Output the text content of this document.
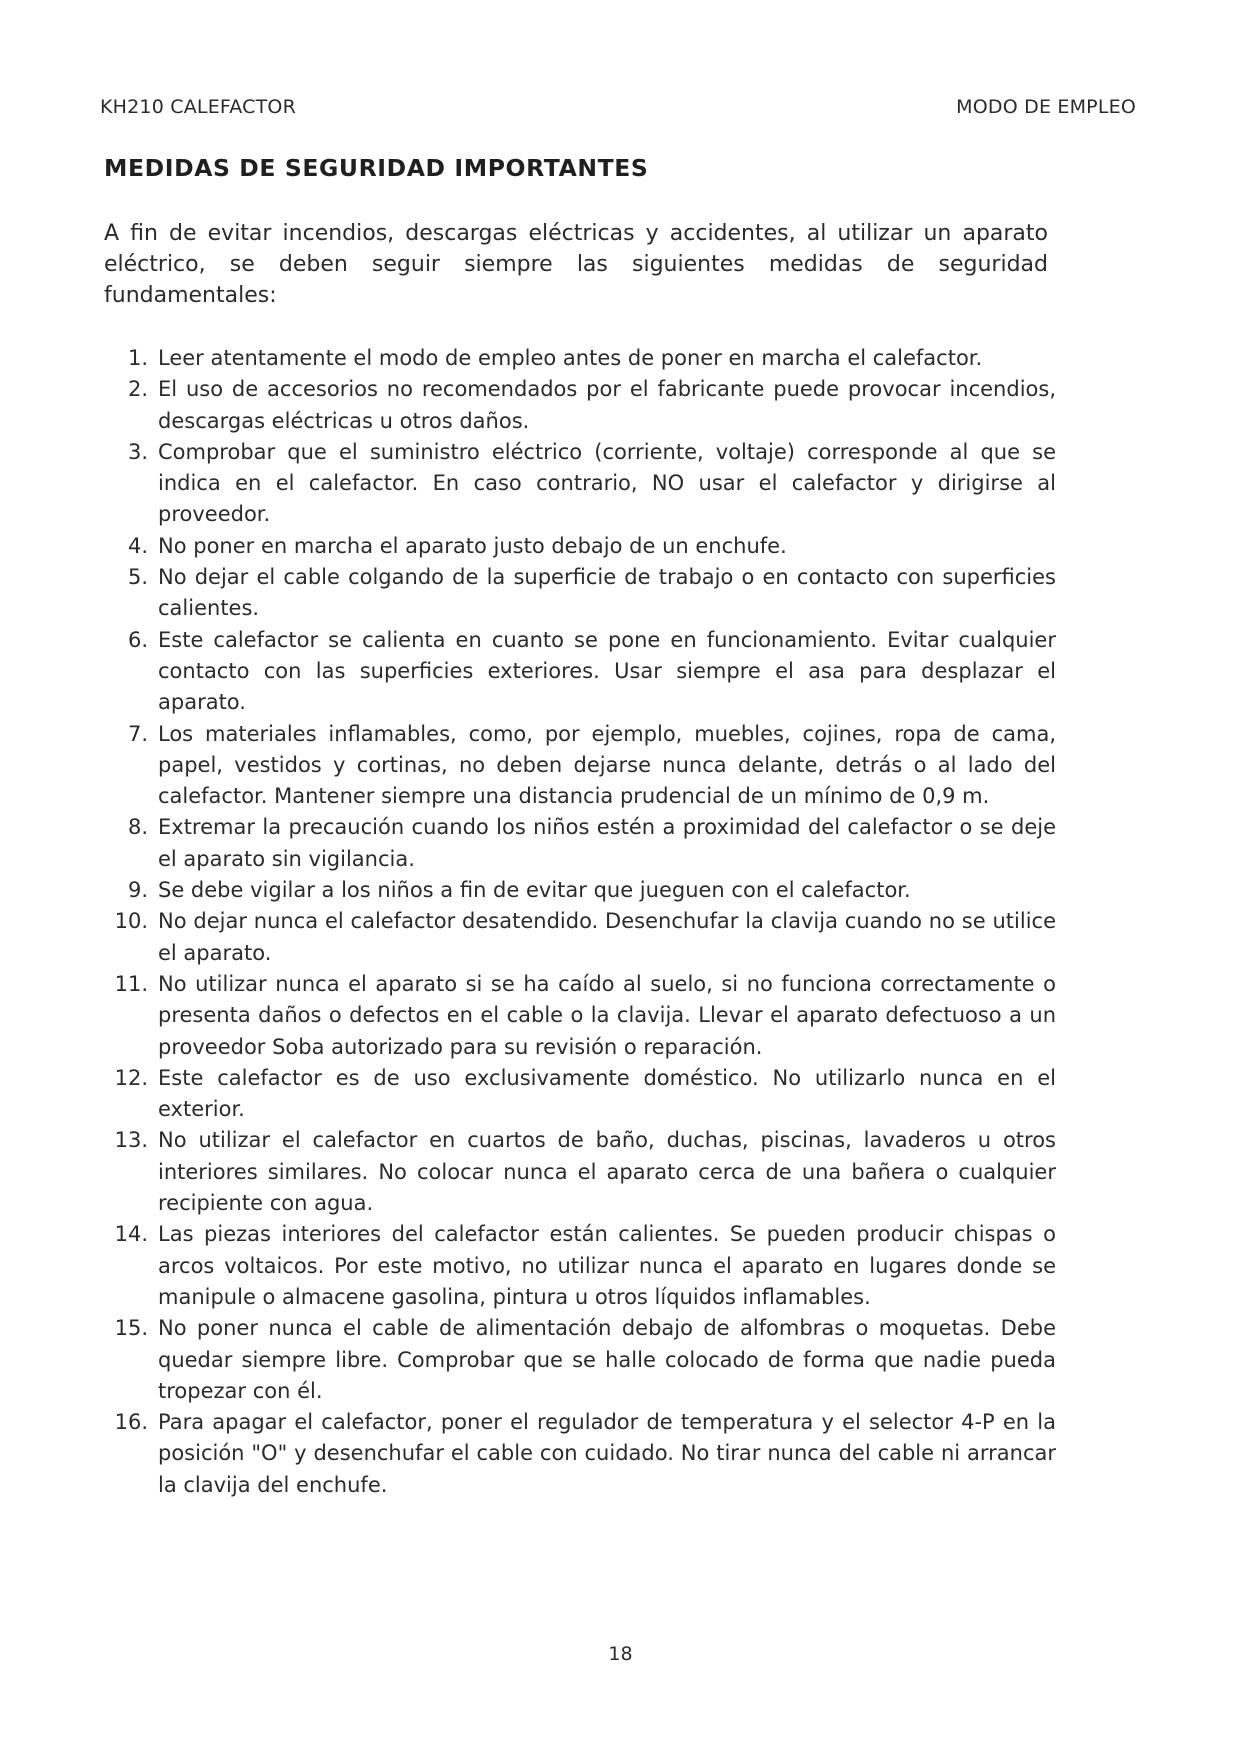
KH210 CALEFACTOR	MODO DE EMPLEO
MEDIDAS DE SEGURIDAD IMPORTANTES

A fin de evitar incendios, descargas eléctricas y accidentes, al utilizar un aparato eléctrico, se deben seguir siempre las siguientes medidas de seguridad fundamentales:

1. Leer atentamente el modo de empleo antes de poner en marcha el calefactor.
2. El uso de accesorios no recomendados por el fabricante puede provocar incendios, descargas eléctricas u otros daños.
3. Comprobar que el suministro eléctrico (corriente, voltaje) corresponde al que se indica en el calefactor. En caso contrario, NO usar el calefactor y dirigirse al proveedor.
4. No poner en marcha el aparato justo debajo de un enchufe.
5. No dejar el cable colgando de la superficie de trabajo o en contacto con superficies calientes.
6. Este calefactor se calienta en cuanto se pone en funcionamiento. Evitar cualquier contacto con las superficies exteriores. Usar siempre el asa para desplazar el aparato.
7. Los materiales inflamables, como, por ejemplo, muebles, cojines, ropa de cama, papel, vestidos y cortinas, no deben dejarse nunca delante, detrás o al lado del calefactor. Mantener siempre una distancia prudencial de un mínimo de 0,9 m.
8. Extremar la precaución cuando los niños estén a proximidad del calefactor o se deje el aparato sin vigilancia.
9. Se debe vigilar a los niños a fin de evitar que jueguen con el calefactor.
10. No dejar nunca el calefactor desatendido. Desenchufar la clavija cuando no se utilice el aparato.
11. No utilizar nunca el aparato si se ha caído al suelo, si no funciona correctamente o presenta daños o defectos en el cable o la clavija. Llevar el aparato defectuoso a un proveedor Soba autorizado para su revisión o reparación.
12. Este calefactor es de uso exclusivamente doméstico. No utilizarlo nunca en el exterior.
13. No utilizar el calefactor en cuartos de baño, duchas, piscinas, lavaderos u otros interiores similares. No colocar nunca el aparato cerca de una bañera o cualquier recipiente con agua.
14. Las piezas interiores del calefactor están calientes. Se pueden producir chispas o arcos voltaicos. Por este motivo, no utilizar nunca el aparato en lugares donde se manipule o almacene gasolina, pintura u otros líquidos inflamables.
15. No poner nunca el cable de alimentación debajo de alfombras o moquetas. Debe quedar siempre libre. Comprobar que se halle colocado de forma que nadie pueda tropezar con él.
16. Para apagar el calefactor, poner el regulador de temperatura y el selector 4-P en la posición "O" y desenchufar el cable con cuidado. No tirar nunca del cable ni arrancar la clavija del enchufe.
18
